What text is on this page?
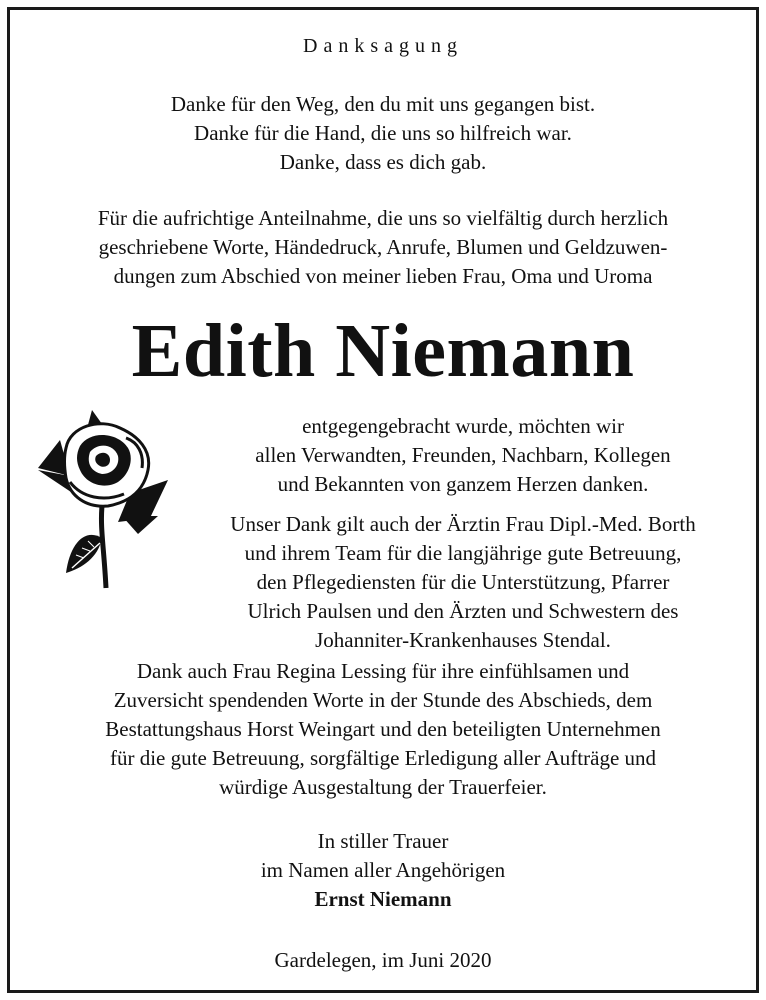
Danksagung

Danke für den Weg, den du mit uns gegangen bist.
Danke für die Hand, die uns so hilfreich war.
Danke, dass es dich gab.
Für die aufrichtige Anteilnahme, die uns so vielfältig durch herzlich
geschriebene Worte, Händedruck, Anrufe, Blumen und Geldzuwen-
dungen zum Abschied von meiner lieben Frau, Oma und Uroma

Edith Niemann

entgegengebracht wurde, möchten wir
allen Verwandten, Freunden, Nachbarn, Kollegen
und Bekannten von ganzem Herzen danken.
Unser Dank gilt auch der Ärztin Frau Dipl.-Med. Borth
und ihrem Team für die langjährige gute Betreuung,
den Pflegediensten für die Unterstützung, Pfarrer
Ulrich Paulsen und den Ärzten und Schwestern des
Johanniter-Krankenhauses Stendal.
Dank auch Frau Regina Lessing für ihre einfühlsamen und
Zuversicht spendenden Worte in der Stunde des Abschieds, dem
Bestattungshaus Horst Weingart und den beteiligten Unternehmen
für die gute Betreuung, sorgfältige Erledigung aller Aufträge und
würdige Ausgestaltung der Trauerfeier.
In stiller Trauer
im Namen aller Angehörigen
Ernst Niemann

Gardelegen, im Juni 2020
